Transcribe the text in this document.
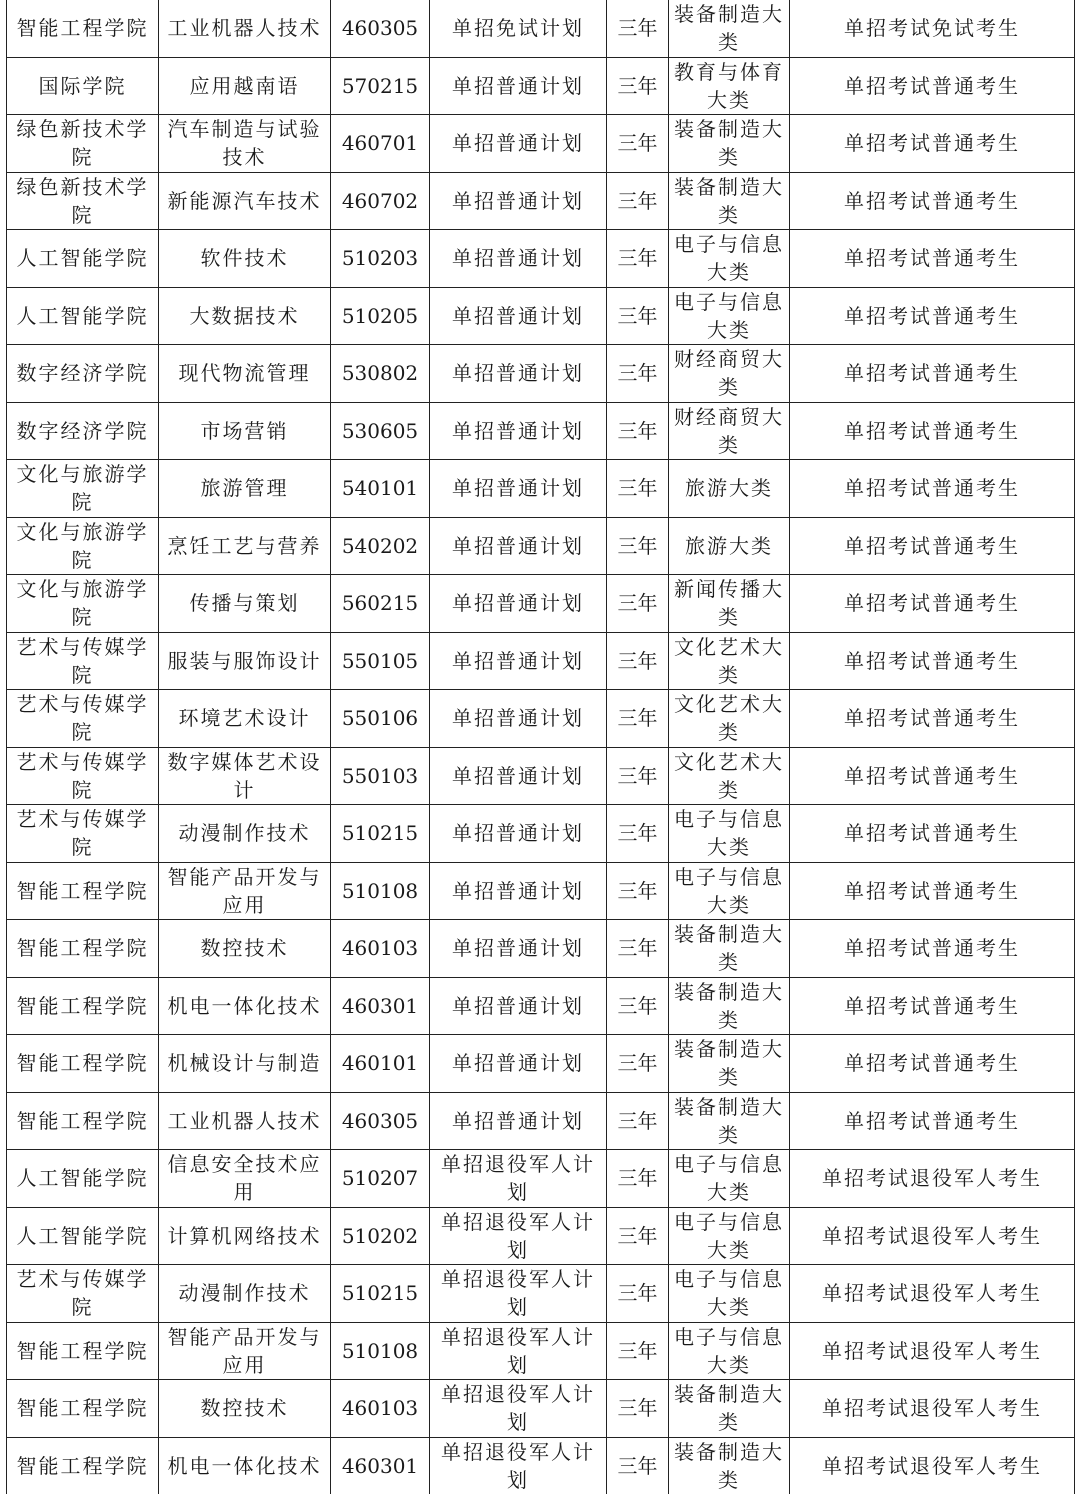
智能工程学院	工业机器人技术	460305	单招免试计划	三年	装备制造大类	单招考试免试考生
国际学院	应用越南语	570215	单招普通计划	三年	教育与体育大类	单招考试普通考生
绿色新技术学院	汽车制造与试验技术	460701	单招普通计划	三年	装备制造大类	单招考试普通考生
绿色新技术学院	新能源汽车技术	460702	单招普通计划	三年	装备制造大类	单招考试普通考生
人工智能学院	软件技术	510203	单招普通计划	三年	电子与信息大类	单招考试普通考生
人工智能学院	大数据技术	510205	单招普通计划	三年	电子与信息大类	单招考试普通考生
数字经济学院	现代物流管理	530802	单招普通计划	三年	财经商贸大类	单招考试普通考生
数字经济学院	市场营销	530605	单招普通计划	三年	财经商贸大类	单招考试普通考生
文化与旅游学院	旅游管理	540101	单招普通计划	三年	旅游大类	单招考试普通考生
文化与旅游学院	烹饪工艺与营养	540202	单招普通计划	三年	旅游大类	单招考试普通考生
文化与旅游学院	传播与策划	560215	单招普通计划	三年	新闻传播大类	单招考试普通考生
艺术与传媒学院	服装与服饰设计	550105	单招普通计划	三年	文化艺术大类	单招考试普通考生
艺术与传媒学院	环境艺术设计	550106	单招普通计划	三年	文化艺术大类	单招考试普通考生
艺术与传媒学院	数字媒体艺术设计	550103	单招普通计划	三年	文化艺术大类	单招考试普通考生
艺术与传媒学院	动漫制作技术	510215	单招普通计划	三年	电子与信息大类	单招考试普通考生
智能工程学院	智能产品开发与应用	510108	单招普通计划	三年	电子与信息大类	单招考试普通考生
智能工程学院	数控技术	460103	单招普通计划	三年	装备制造大类	单招考试普通考生
智能工程学院	机电一体化技术	460301	单招普通计划	三年	装备制造大类	单招考试普通考生
智能工程学院	机械设计与制造	460101	单招普通计划	三年	装备制造大类	单招考试普通考生
智能工程学院	工业机器人技术	460305	单招普通计划	三年	装备制造大类	单招考试普通考生
人工智能学院	信息安全技术应用	510207	单招退役军人计划	三年	电子与信息大类	单招考试退役军人考生
人工智能学院	计算机网络技术	510202	单招退役军人计划	三年	电子与信息大类	单招考试退役军人考生
艺术与传媒学院	动漫制作技术	510215	单招退役军人计划	三年	电子与信息大类	单招考试退役军人考生
智能工程学院	智能产品开发与应用	510108	单招退役军人计划	三年	电子与信息大类	单招考试退役军人考生
智能工程学院	数控技术	460103	单招退役军人计划	三年	装备制造大类	单招考试退役军人考生
智能工程学院	机电一体化技术	460301	单招退役军人计划	三年	装备制造大类	单招考试退役军人考生
